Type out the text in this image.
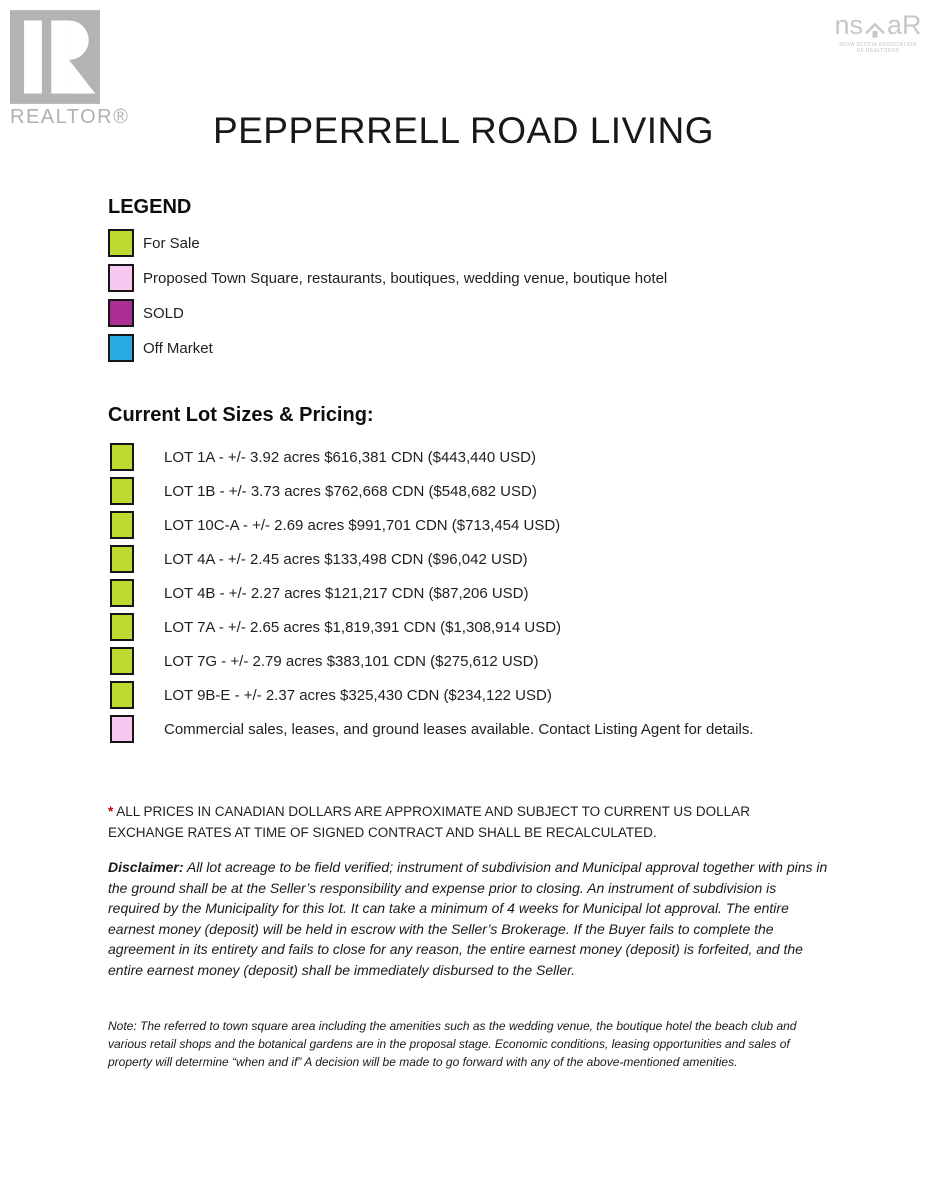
REALTOR®
ns aR
NOVA SCOTIA ASSOCIATION
OF REALTORS®
PEPPERRELL ROAD LIVING
LEGEND
For Sale
Proposed Town Square, restaurants, boutiques, wedding venue, boutique hotel
SOLD
Off Market
Current Lot Sizes & Pricing:
LOT 1A - +/- 3.92 acres $616,381 CDN ($443,440 USD)
LOT 1B - +/- 3.73 acres $762,668 CDN ($548,682 USD)
LOT 10C-A - +/- 2.69 acres $991,701 CDN ($713,454 USD)
LOT 4A - +/- 2.45 acres $133,498 CDN ($96,042 USD)
LOT 4B - +/- 2.27 acres $121,217 CDN ($87,206 USD)
LOT 7A - +/- 2.65 acres $1,819,391 CDN ($1,308,914 USD)
LOT 7G - +/- 2.79 acres $383,101 CDN ($275,612 USD)
LOT 9B-E - +/- 2.37 acres $325,430 CDN ($234,122 USD)
Commercial sales, leases, and ground leases available. Contact Listing Agent for details.

* ALL PRICES IN CANADIAN DOLLARS ARE APPROXIMATE AND SUBJECT TO CURRENT US DOLLAR EXCHANGE RATES AT TIME OF SIGNED CONTRACT AND SHALL BE RECALCULATED.

Disclaimer: All lot acreage to be field verified; instrument of subdivision and Municipal approval together with pins in the ground shall be at the Seller’s responsibility and expense prior to closing. An instrument of subdivision is required by the Municipality for this lot. It can take a minimum of 4 weeks for Municipal lot approval. The entire earnest money (deposit) will be held in escrow with the Seller’s Brokerage. If the Buyer fails to complete the agreement in its entirety and fails to close for any reason, the entire earnest money (deposit) is forfeited, and the entire earnest money (deposit) shall be immediately disbursed to the Seller.

Note: The referred to town square area including the amenities such as the wedding venue, the boutique hotel the beach club and various retail shops and the botanical gardens are in the proposal stage. Economic conditions, leasing opportunities and sales of property will determine “when and if” A decision will be made to go forward with any of the above-mentioned amenities.
